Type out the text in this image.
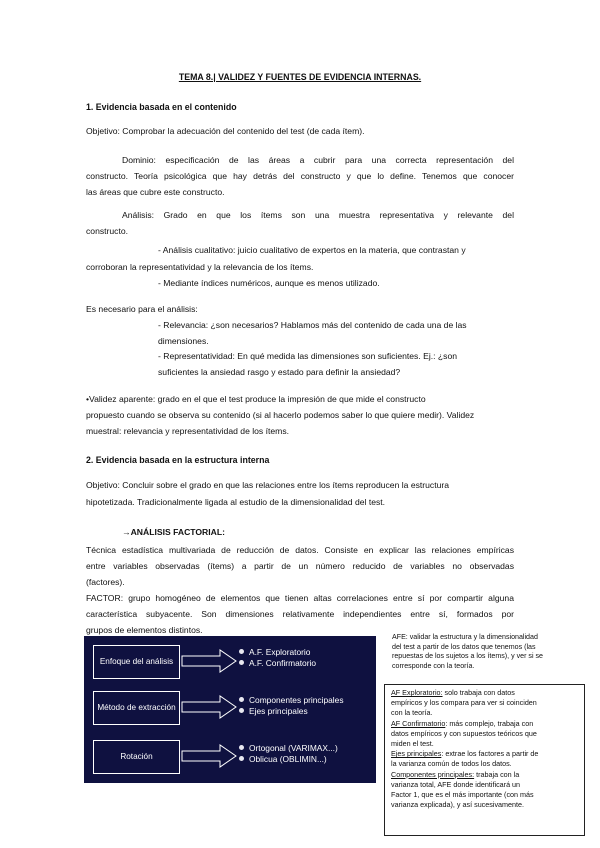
TEMA 8.| VALIDEZ Y FUENTES DE EVIDENCIA INTERNAS.
1. Evidencia basada en el contenido
Objetivo: Comprobar la adecuación del contenido del test (de cada ítem).

Dominio: especificación de las áreas a cubrir para una correcta representación del

constructo. Teoría psicológica que hay detrás del constructo y que lo define. Tenemos que conocer

las áreas que cubre este constructo.

Análisis: Grado en que los ítems son una muestra representativa y relevante del

constructo.

- Análisis cualitativo: juicio cualitativo de expertos en la materia, que contrastan y
corroboran la representatividad y la relevancia de los ítems.
- Mediante índices numéricos, aunque es menos utilizado.
Es necesario para el análisis:
- Relevancia: ¿son necesarios? Hablamos más del contenido de cada una de las
dimensiones.
- Representatividad: En qué medida las dimensiones son suficientes. Ej.: ¿son
suficientes la ansiedad rasgo y estado para definir la ansiedad?
•Validez aparente: grado en el que el test produce la impresión de que mide el constructo
propuesto cuando se observa su contenido (si al hacerlo podemos saber lo que quiere medir). Validez
muestral: relevancia y representatividad de los ítems.
2. Evidencia basada en la estructura interna
Objetivo: Concluir sobre el grado en que las relaciones entre los ítems reproducen la estructura
hipotetizada. Tradicionalmente ligada al estudio de la dimensionalidad del test.
→ANÁLISIS FACTORIAL:

Técnica estadística multivariada de reducción de datos. Consiste en explicar las relaciones empíricas

entre variables observadas (ítems) a partir de un número reducido de variables no observadas

(factores).

FACTOR: grupo homogéneo de elementos que tienen altas correlaciones entre sí por compartir alguna

característica subyacente. Son dimensiones relativamente independientes entre sí, formados por

grupos de elementos distintos.

Enfoque del análisis
A.F. Exploratorio
A.F. Confirmatorio
Método de extracción
Componentes principales
Ejes principales
Rotación
Ortogonal (VARIMAX...)
Oblicua (OBLIMIN...)
AFE: validar la estructura y la dimensionalidad
del test a partir de los datos que tenemos (las
repuestas de los sujetos a los ítems), y ver si se
corresponde con la teoría.
AF Exploratorio: solo trabaja con datos
empíricos y los compara para ver si coinciden
con la teoría.
AF Confirmatorio: más complejo, trabaja con
datos empíricos y con supuestos teóricos que
miden el test.
Ejes principales: extrae los factores a partir de
la varianza común de todos los datos.
Componentes principales: trabaja con la
varianza total, AFE donde identificará un
Factor 1, que es el más importante (con más
varianza explicada), y así sucesivamente.
